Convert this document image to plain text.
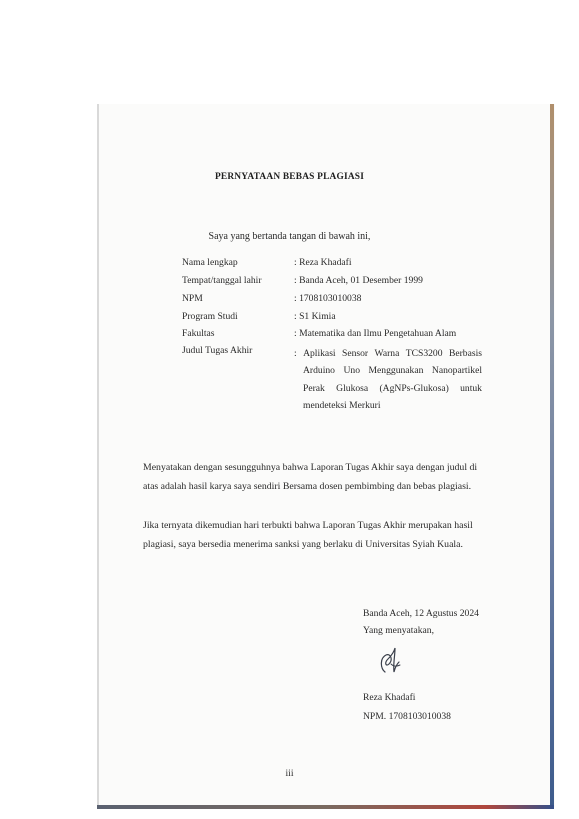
PERNYATAAN BEBAS PLAGIASI
Saya yang bertanda tangan di bawah ini,
Nama lengkap	: Reza Khadafi
Tempat/tanggal lahir	: Banda Aceh, 01 Desember 1999
NPM	: 1708103010038
Program Studi	: S1 Kimia
Fakultas	: Matematika dan Ilmu Pengetahuan Alam
Judul Tugas Akhir	: Aplikasi Sensor Warna TCS3200 Berbasis
Arduino Uno Menggunakan Nanopartikel
Perak Glukosa (AgNPs-Glukosa) untuk
mendeteksi Merkuri
Menyatakan dengan sesungguhnya bahwa Laporan Tugas Akhir saya dengan judul di
atas adalah hasil karya saya sendiri Bersama dosen pembimbing dan bebas plagiasi.
Jika ternyata dikemudian hari terbukti bahwa Laporan Tugas Akhir merupakan hasil
plagiasi, saya bersedia menerima sanksi yang berlaku di Universitas Syiah Kuala.
Banda Aceh, 12 Agustus 2024
Yang menyatakan,
Reza Khadafi
NPM. 1708103010038
iii
